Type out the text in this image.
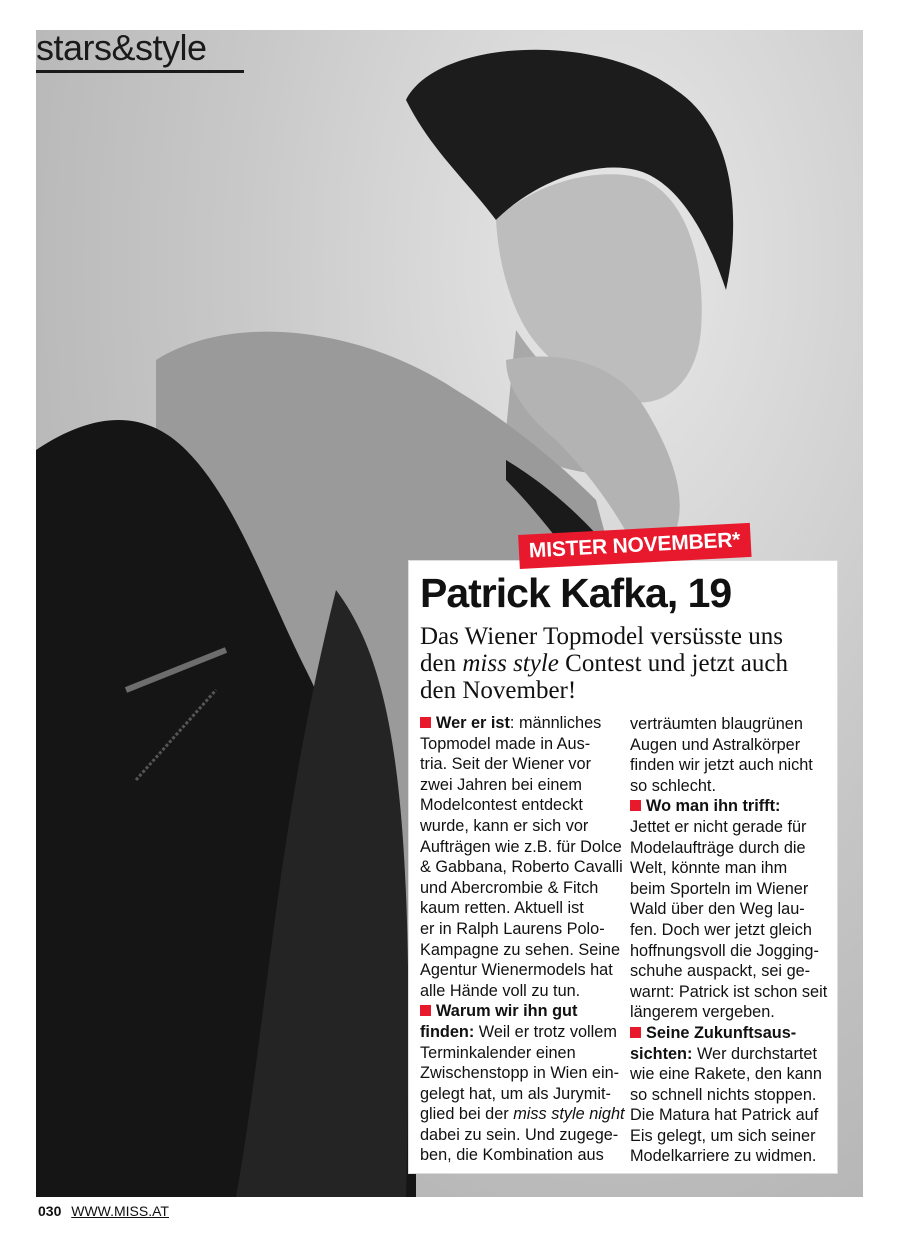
stars&style
MISTER NOVEMBER*
Patrick Kafka, 19
Das Wiener Topmodel versüsste uns
den miss style Contest und jetzt auch
den November!
Wer er ist: männliches
Topmodel made in Aus-
tria. Seit der Wiener vor
zwei Jahren bei einem
Modelcontest entdeckt
wurde, kann er sich vor
Aufträgen wie z.B. für Dolce
& Gabbana, Roberto Cavalli
und Abercrombie & Fitch
kaum retten. Aktuell ist
er in Ralph Laurens Polo-
Kampagne zu sehen. Seine
Agentur Wienermodels hat
alle Hände voll zu tun.
Warum wir ihn gut
finden: Weil er trotz vollem
Terminkalender einen
Zwischenstopp in Wien ein-
gelegt hat, um als Jurymit-
glied bei der miss style night
dabei zu sein. Und zugege-
ben, die Kombination aus
verträumten blaugrünen
Augen und Astralkörper
finden wir jetzt auch nicht
so schlecht.
Wo man ihn trifft:
Jettet er nicht gerade für
Modelaufträge durch die
Welt, könnte man ihm
beim Sporteln im Wiener
Wald über den Weg lau-
fen. Doch wer jetzt gleich
hoffnungsvoll die Jogging-
schuhe auspackt, sei ge-
warnt: Patrick ist schon seit
längerem vergeben.
Seine Zukunftsaus-
sichten: Wer durchstartet
wie eine Rakete, den kann
so schnell nichts stoppen.
Die Matura hat Patrick auf
Eis gelegt, um sich seiner
Modelkarriere zu widmen.
030 WWW.MISS.AT
